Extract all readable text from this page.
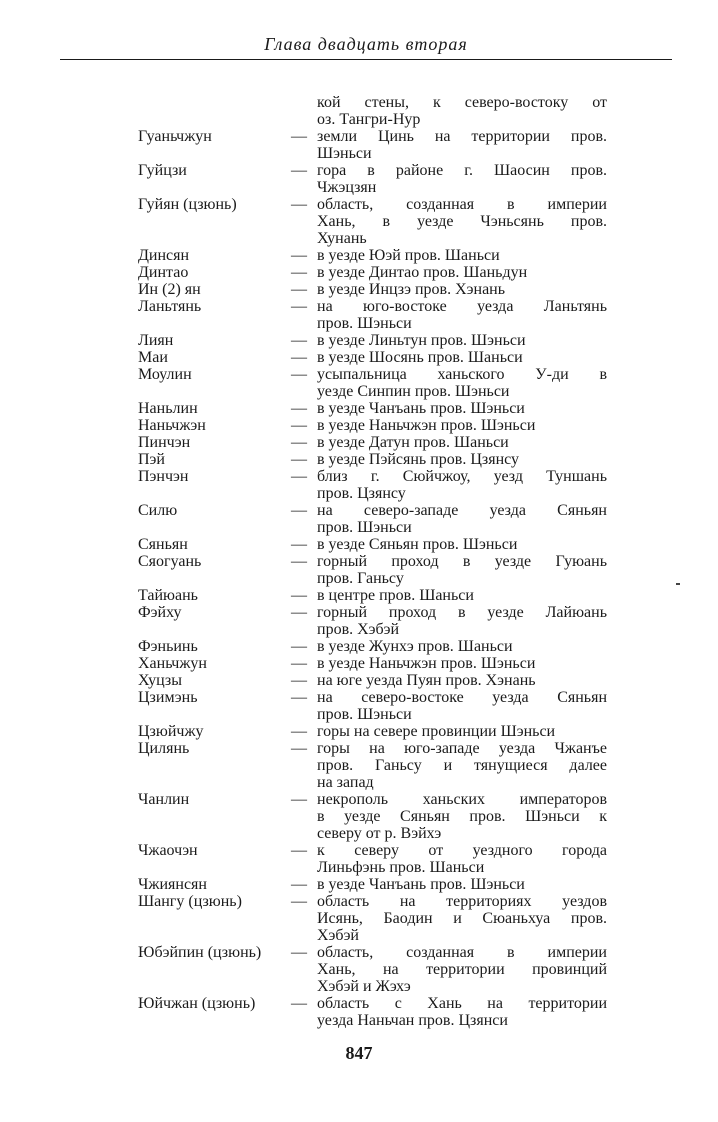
Глава двадцать вторая
кой стены, к северо-востоку от
оз. Тангри-Нур
Гуаньчжун	— земли Цинь на территории пров.
Шэньси
Гуйцзи	— гора в районе г. Шаосин пров.
Чжэцзян
Гуйян (цзюнь)	— область, созданная в империи
Хань, в уезде Чэньсянь пров.
Хунань
Динсян	— в уезде Юэй пров. Шаньси
Динтао	— в уезде Динтао пров. Шаньдун
Ин (2) ян	— в уезде Инцзэ пров. Хэнань
Ланьтянь	— на юго-востоке уезда Ланьтянь
пров. Шэньси
Лиян	— в уезде Линьтун пров. Шэньси
Маи	— в уезде Шосянь пров. Шаньси
Моулин	— усыпальница ханьского У-ди в
уезде Синпин пров. Шэньси
Наньлин	— в уезде Чанъань пров. Шэньси
Наньчжэн	— в уезде Наньчжэн пров. Шэньси
Пинчэн	— в уезде Датун пров. Шаньси
Пэй	— в уезде Пэйсянь пров. Цзянсу
Пэнчэн	— близ г. Сюйчжоу, уезд Туншань
пров. Цзянсу
Силю	— на северо-западе уезда Сяньян
пров. Шэньси
Сяньян	— в уезде Сяньян пров. Шэньси
Сяогуань	— горный проход в уезде Гуюань
пров. Ганьсу
Тайюань	— в центре пров. Шаньси
Фэйху	— горный проход в уезде Лайюань
пров. Хэбэй
Фэньинь	— в уезде Жунхэ пров. Шаньси
Ханьчжун	— в уезде Наньчжэн пров. Шэньси
Хуцзы	— на юге уезда Пуян пров. Хэнань
Цзимэнь	— на северо-востоке уезда Сяньян
пров. Шэньси
Цзюйчжу	— горы на севере провинции Шэньси
Цилянь	— горы на юго-западе уезда Чжанъе
пров. Ганьсу и тянущиеся далее
на запад
Чанлин	— некрополь ханьских императоров
в уезде Сяньян пров. Шэньси к
северу от р. Вэйхэ
Чжаочэн	— к северу от уездного города
Линьфэнь пров. Шаньси
Чжиянсян	— в уезде Чанъань пров. Шэньси
Шангу (цзюнь)	— область на территориях уездов
Исянь, Баодин и Сюаньхуа пров.
Хэбэй
Юбэйпин (цзюнь)	— область, созданная в империи
Хань, на территории провинций
Хэбэй и Жэхэ
Юйчжан (цзюнь)	— область с Хань на территории
уезда Наньчан пров. Цзянси
847
